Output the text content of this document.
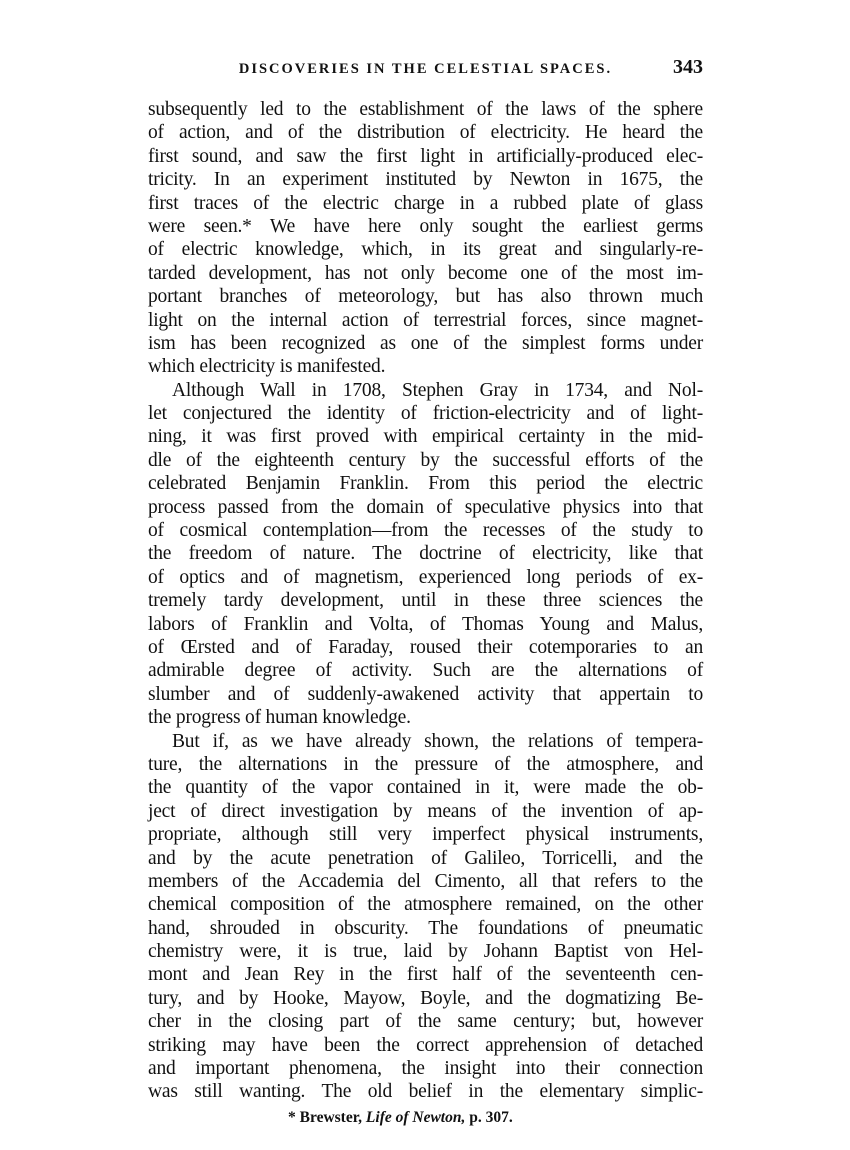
DISCOVERIES IN THE CELESTIAL SPACES.	343
subsequently led to the establishment of the laws of the sphere
of action, and of the distribution of electricity. He heard the
first sound, and saw the first light in artificially-produced elec-
tricity. In an experiment instituted by Newton in 1675, the
first traces of the electric charge in a rubbed plate of glass
were seen.* We have here only sought the earliest germs
of electric knowledge, which, in its great and singularly-re-
tarded development, has not only become one of the most im-
portant branches of meteorology, but has also thrown much
light on the internal action of terrestrial forces, since magnet-
ism has been recognized as one of the simplest forms under
which electricity is manifested.
Although Wall in 1708, Stephen Gray in 1734, and Nol-
let conjectured the identity of friction-electricity and of light-
ning, it was first proved with empirical certainty in the mid-
dle of the eighteenth century by the successful efforts of the
celebrated Benjamin Franklin. From this period the electric
process passed from the domain of speculative physics into that
of cosmical contemplation—from the recesses of the study to
the freedom of nature. The doctrine of electricity, like that
of optics and of magnetism, experienced long periods of ex-
tremely tardy development, until in these three sciences the
labors of Franklin and Volta, of Thomas Young and Malus,
of Œrsted and of Faraday, roused their cotemporaries to an
admirable degree of activity. Such are the alternations of
slumber and of suddenly-awakened activity that appertain to
the progress of human knowledge.
But if, as we have already shown, the relations of tempera-
ture, the alternations in the pressure of the atmosphere, and
the quantity of the vapor contained in it, were made the ob-
ject of direct investigation by means of the invention of ap-
propriate, although still very imperfect physical instruments,
and by the acute penetration of Galileo, Torricelli, and the
members of the Accademia del Cimento, all that refers to the
chemical composition of the atmosphere remained, on the other
hand, shrouded in obscurity. The foundations of pneumatic
chemistry were, it is true, laid by Johann Baptist von Hel-
mont and Jean Rey in the first half of the seventeenth cen-
tury, and by Hooke, Mayow, Boyle, and the dogmatizing Be-
cher in the closing part of the same century; but, however
striking may have been the correct apprehension of detached
and important phenomena, the insight into their connection
was still wanting. The old belief in the elementary simplic-
* Brewster, Life of Newton, p. 307.
